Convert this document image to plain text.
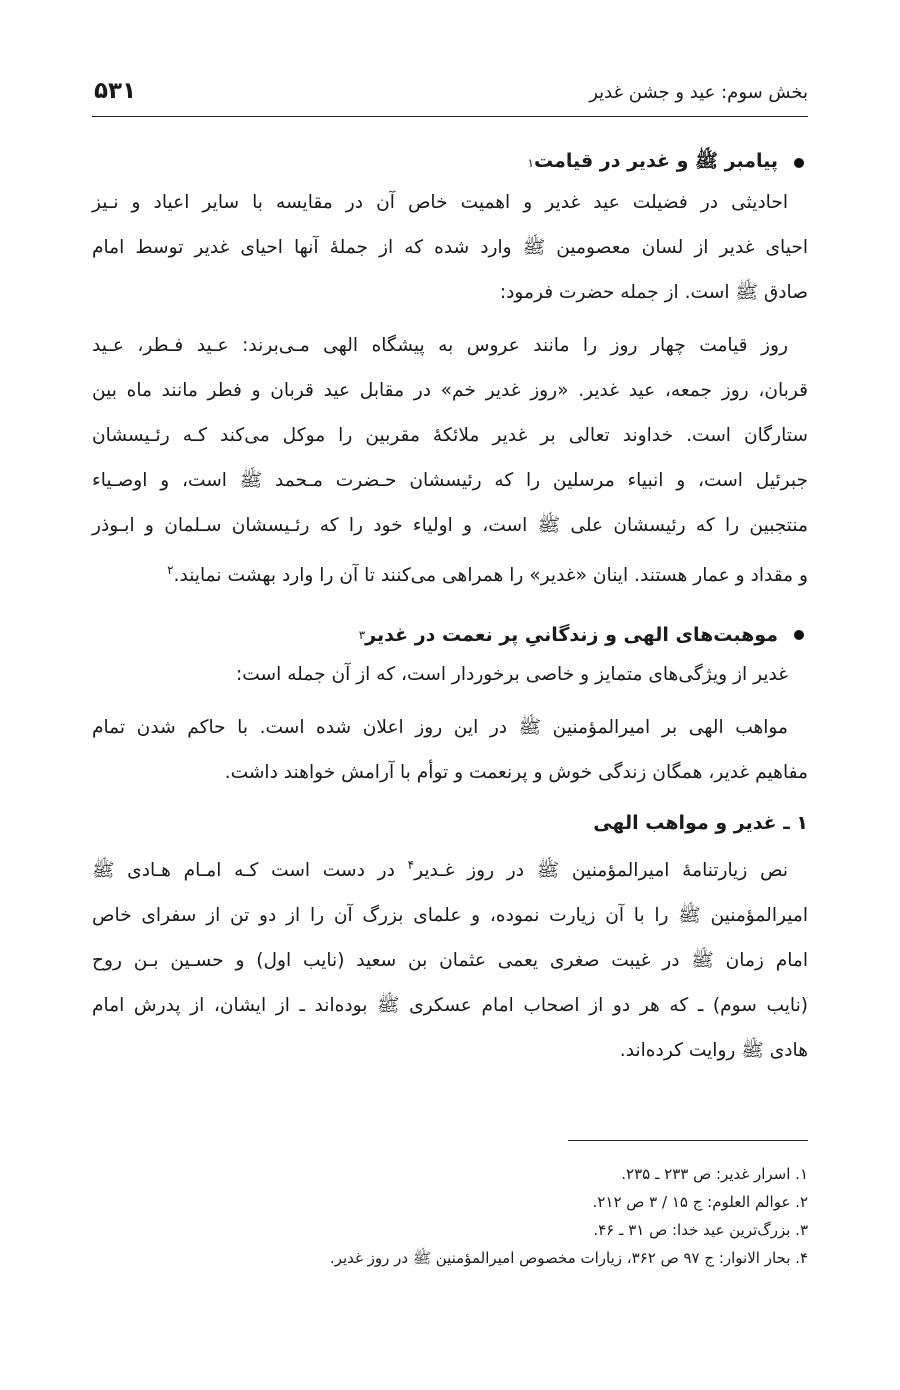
بخش سوم: عید و جشن غدیر
۵۳۱
پیامبر ﷺ و غدیر در قیامت
۱
احادیثی در فضیلت عید غدیر و اهمیت خاص آن در مقایسه با سایر اعیاد و نـیز
احیای غدیر از لسان معصومین ﷺ وارد شده که از جملهٔ آنها احیای غدیر توسط امام
صادق ﷺ است. از جمله حضرت فرمود:
روز قیامت چهار روز را مانند عروس به پیشگاه الهی مـی‌برند: عـید فـطر، عـید
قربان، روز جمعه، عید غدیر. «روز غدیر خم» در مقابل عید قربان و فطر مانند ماه بین
ستارگان است. خداوند تعالی بر غدیر ملائکهٔ مقربین را موکل می‌کند کـه رئـیسشان
جبرئیل است، و انبیاء مرسلین را که رئیسشان حـضرت مـحمد ﷺ است، و اوصـیاء
منتجبین را که رئیسشان علی ﷺ است، و اولیاء خود را که رئـیسشان سـلمان و ابـوذر
و مقداد و عمار هستند. اینان «غدیر» را همراهی می‌کنند تا آن را وارد بهشت نمایند.$^۲$
موهبت‌های الهی و زندگانیِ پر نعمت در غدیر
۳
غدیر از ویژگی‌های متمایز و خاصی برخوردار است، که از آن جمله است:
مواهب الهی بر امیرالمؤمنین ﷺ در این روز اعلان شده است. با حاکم شدن تمام
مفاهیم غدیر، همگان زندگی خوش و پرنعمت و توأم با آرامش خواهند داشت.
۱ ـ غدیر و مواهب الهی
نص زیارتنامهٔ امیرالمؤمنین ﷺ در روز غـدیر$^۴$ در دست است کـه امـام هـادی ﷺ
امیرالمؤمنین ﷺ را با آن زیارت نموده، و علمای بزرگ آن را از دو تن از سفرای خاص
امام زمان ﷺ در غیبت صغری یعمی عثمان بن سعید (نایب اول) و حسـین بـن روح
(نایب سوم) ـ که هر دو از اصحاب امام عسکری ﷺ بوده‌اند ـ از ایشان، از پدرش امام
هادی ﷺ روایت کرده‌اند.
۱. اسرار غدیر: ص ۲۳۳ ـ ۲۳۵.
۲. عوالم العلوم: ج ۱۵ / ۳ ص ۲۱۲.
۳. بزرگ‌ترین عید خدا: ص ۳۱ ـ ۴۶.
۴. بحار الانوار: ج ۹۷ ص ۳۶۲، زیارات مخصوص امیرالمؤمنین ﷺ در روز غدیر.
